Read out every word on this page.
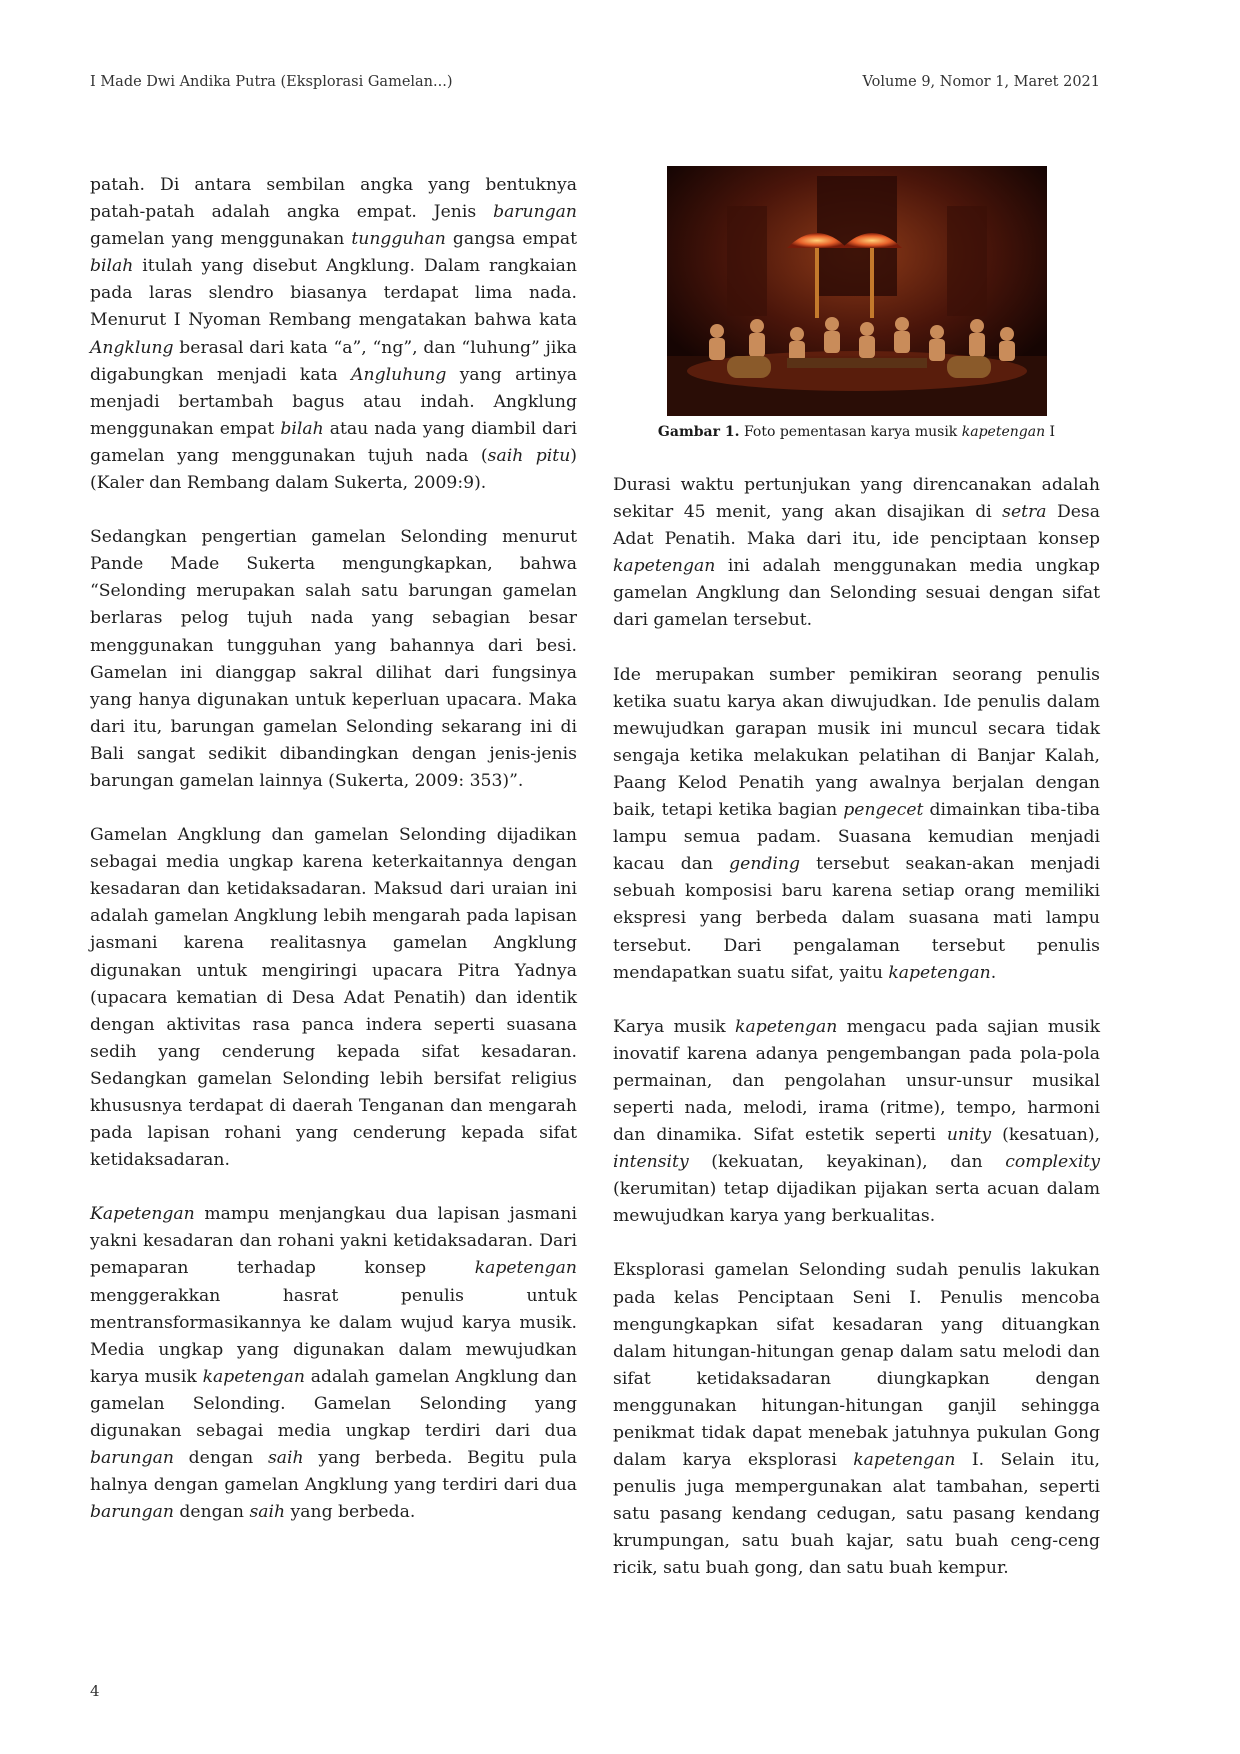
I Made Dwi Andika Putra (Eksplorasi Gamelan...)	Volume 9, Nomor 1, Maret 2021

patah. Di antara sembilan angka yang bentuknya patah-patah adalah angka empat. Jenis barungan gamelan yang menggunakan tungguhan gangsa empat bilah itulah yang disebut Angklung. Dalam rangkaian pada laras slendro biasanya terdapat lima nada. Menurut I Nyoman Rembang mengatakan bahwa kata Angklung berasal dari kata “a”, “ng”, dan “luhung” jika digabungkan menjadi kata Angluhung yang artinya menjadi bertambah bagus atau indah. Angklung menggunakan empat bilah atau nada yang diambil dari gamelan yang menggunakan tujuh nada (saih pitu) (Kaler dan Rembang dalam Sukerta, 2009:9).

Sedangkan pengertian gamelan Selonding menurut Pande Made Sukerta mengungkapkan, bahwa “Selonding merupakan salah satu barungan gamelan berlaras pelog tujuh nada yang sebagian besar menggunakan tungguhan yang bahannya dari besi. Gamelan ini dianggap sakral dilihat dari fungsinya yang hanya digunakan untuk keperluan upacara. Maka dari itu, barungan gamelan Selonding sekarang ini di Bali sangat sedikit dibandingkan dengan jenis-jenis barungan gamelan lainnya (Sukerta, 2009: 353)”.

Gamelan Angklung dan gamelan Selonding dijadikan sebagai media ungkap karena keterkaitannya dengan kesadaran dan ketidaksadaran. Maksud dari uraian ini adalah gamelan Angklung lebih mengarah pada lapisan jasmani karena realitasnya gamelan Angklung digunakan untuk mengiringi upacara Pitra Yadnya (upacara kematian di Desa Adat Penatih) dan identik dengan aktivitas rasa panca indera seperti suasana sedih yang cenderung kepada sifat kesadaran. Sedangkan gamelan Selonding lebih bersifat religius khususnya terdapat di daerah Tenganan dan mengarah pada lapisan rohani yang cenderung kepada sifat ketidaksadaran.

Kapetengan mampu menjangkau dua lapisan jasmani yakni kesadaran dan rohani yakni ketidaksadaran. Dari pemaparan terhadap konsep kapetengan menggerakkan hasrat penulis untuk mentransformasikannya ke dalam wujud karya musik. Media ungkap yang digunakan dalam mewujudkan karya musik kapetengan adalah gamelan Angklung dan gamelan Selonding. Gamelan Selonding yang digunakan sebagai media ungkap terdiri dari dua barungan dengan saih yang berbeda. Begitu pula halnya dengan gamelan Angklung yang terdiri dari dua barungan dengan saih yang berbeda.

Gambar 1. Foto pementasan karya musik kapetengan I

Durasi waktu pertunjukan yang direncanakan adalah sekitar 45 menit, yang akan disajikan di setra Desa Adat Penatih. Maka dari itu, ide penciptaan konsep kapetengan ini adalah menggunakan media ungkap gamelan Angklung dan Selonding sesuai dengan sifat dari gamelan tersebut.

Ide merupakan sumber pemikiran seorang penulis ketika suatu karya akan diwujudkan. Ide penulis dalam mewujudkan garapan musik ini muncul secara tidak sengaja ketika melakukan pelatihan di Banjar Kalah, Paang Kelod Penatih yang awalnya berjalan dengan baik, tetapi ketika bagian pengecet dimainkan tiba-tiba lampu semua padam. Suasana kemudian menjadi kacau dan gending tersebut seakan-akan menjadi sebuah komposisi baru karena setiap orang memiliki ekspresi yang berbeda dalam suasana mati lampu tersebut. Dari pengalaman tersebut penulis mendapatkan suatu sifat, yaitu kapetengan.

Karya musik kapetengan mengacu pada sajian musik inovatif karena adanya pengembangan pada pola-pola permainan, dan pengolahan unsur-unsur musikal seperti nada, melodi, irama (ritme), tempo, harmoni dan dinamika. Sifat estetik seperti unity (kesatuan), intensity (kekuatan, keyakinan), dan complexity (kerumitan) tetap dijadikan pijakan serta acuan dalam mewujudkan karya yang berkualitas.

Eksplorasi gamelan Selonding sudah penulis lakukan pada kelas Penciptaan Seni I. Penulis mencoba mengungkapkan sifat kesadaran yang dituangkan dalam hitungan-hitungan genap dalam satu melodi dan sifat ketidaksadaran diungkapkan dengan menggunakan hitungan-hitungan ganjil sehingga penikmat tidak dapat menebak jatuhnya pukulan Gong dalam karya eksplorasi kapetengan I. Selain itu, penulis juga mempergunakan alat tambahan, seperti satu pasang kendang cedugan, satu pasang kendang krumpungan, satu buah kajar, satu buah ceng-ceng ricik, satu buah gong, dan satu buah kempur.

4
